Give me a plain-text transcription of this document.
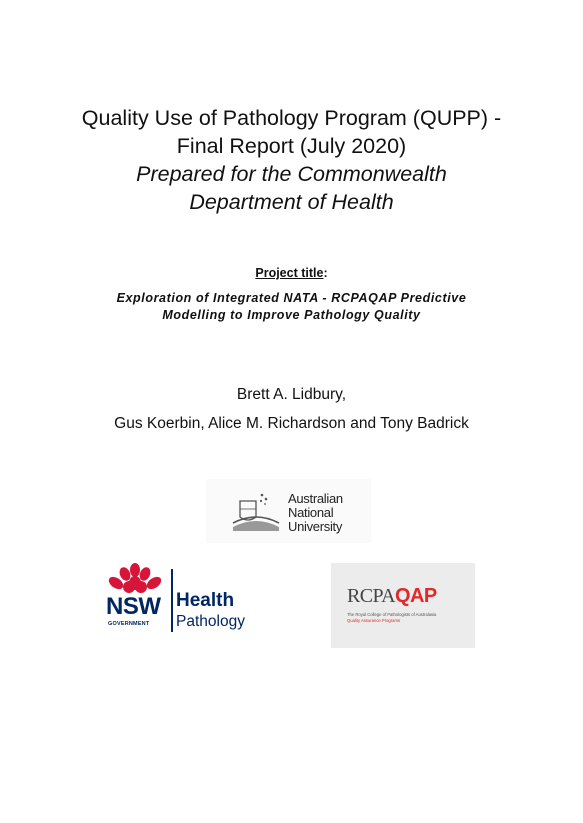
Quality Use of Pathology Program (QUPP) -
Final Report (July 2020)
Prepared for the Commonwealth
Department of Health
Project title:
Exploration of Integrated NATA - RCPAQAP Predictive
Modelling to Improve Pathology Quality
Brett A. Lidbury,
Gus Koerbin, Alice M. Richardson and Tony Badrick
Australian
National
University
NSW
GOVERNMENT
Health
Pathology
RCPAQAP
The Royal College of Pathologists of Australasia
Quality Assurance Programs
